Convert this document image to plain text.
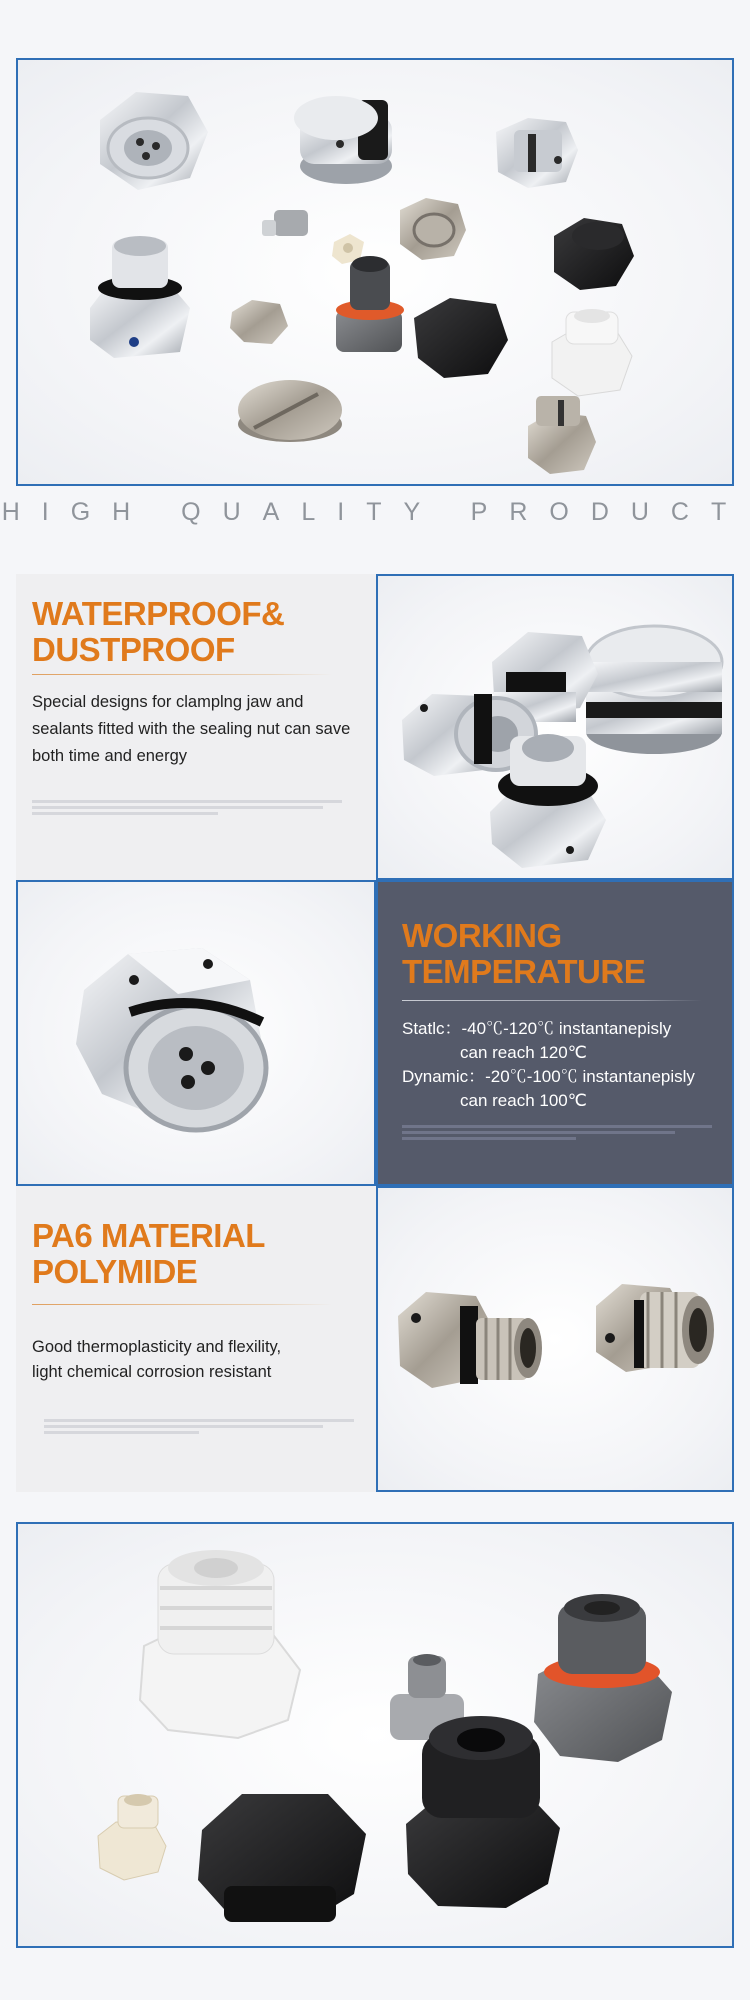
HIGH QUALITY PRODUCT
WATERPROOF&
DUSTPROOF

Special designs for clamplng jaw and
sealants fitted with the sealing nut can save
both time and energy

WORKING
TEMPERATURE

Statlc：-40℃-120℃ instantanepisly

can reach 120℃
Dynamic：-20℃-100℃ instantanepisly

can reach 100℃

PA6 MATERIAL
POLYMIDE

Good thermoplasticity and flexility,
light chemical corrosion resistant
